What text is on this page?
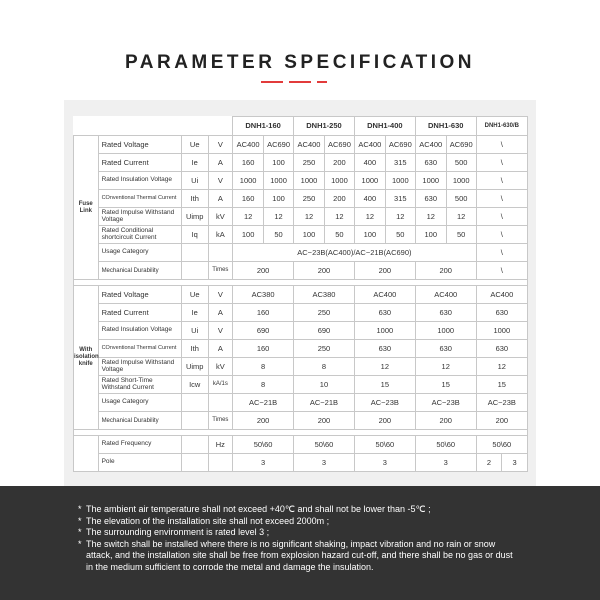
PARAMETER SPECIFICATION
				DNH1-160		DNH1-250		DNH1-400		DNH1-630		DNH1-630/B	
Fuse Link	Rated Voltage	Ue	V	AC400	AC690	AC400	AC690	AC400	AC690	AC400	AC690	\	
	Rated Current	Ie	A	160	100	250	200	400	315	630	500	\	
	Rated Insulation Voltage	Ui	V	1000	1000	1000	1000	1000	1000	1000	1000	\	
	COnventional Thermal Current	Ith	A	160	100	250	200	400	315	630	500	\	
	Rated Impulse Withstand Voltage	Uimp	kV	12	12	12	12	12	12	12	12	\	
	Rated Conditional shortcircuit Current	Iq	kA	100	50	100	50	100	50	100	50	\	
	Usage Category			AC−23B(AC400)/AC−21B(AC690)								\	
	Mechanical Durability		Times	200		200		200		200		\	

With isolation knife	Rated Voltage	Ue	V	AC380		AC380		AC400		AC400		AC400	
	Rated Current	Ie	A	160		250		630		630		630	
	Rated Insulation Voltage	Ui	V	690		690		1000		1000		1000	
	COnventional Thermal Current	Ith	A	160		250		630		630		630	
	Rated Impulse Withstand Voltage	Uimp	kV	8		8		12		12		12	
	Rated Short-Time Withstand Current	Icw	kA/1s	8		10		15		15		15	
	Usage Category			AC−21B		AC−21B		AC−23B		AC−23B		AC−23B	
	Mechanical Durability		Times	200		200		200		200		200	

	Rated Frequency		Hz	50\60		50\60		50\60		50\60		50\60	
	Pole			3		3		3		3		2	3
* The ambient air temperature shall not exceed +40℃ and shall not be lower than -5℃ ;
* The elevation of the installation site shall not exceed 2000m ;
* The surrounding environment is rated level 3 ;
* The switch shall be installed where there is no significant shaking, impact vibration and no rain or snow attack, and the installation site shall be free from explosion hazard cut-off, and there shall be no gas or dust in the medium sufficient to corrode the metal and damage the insulation.
